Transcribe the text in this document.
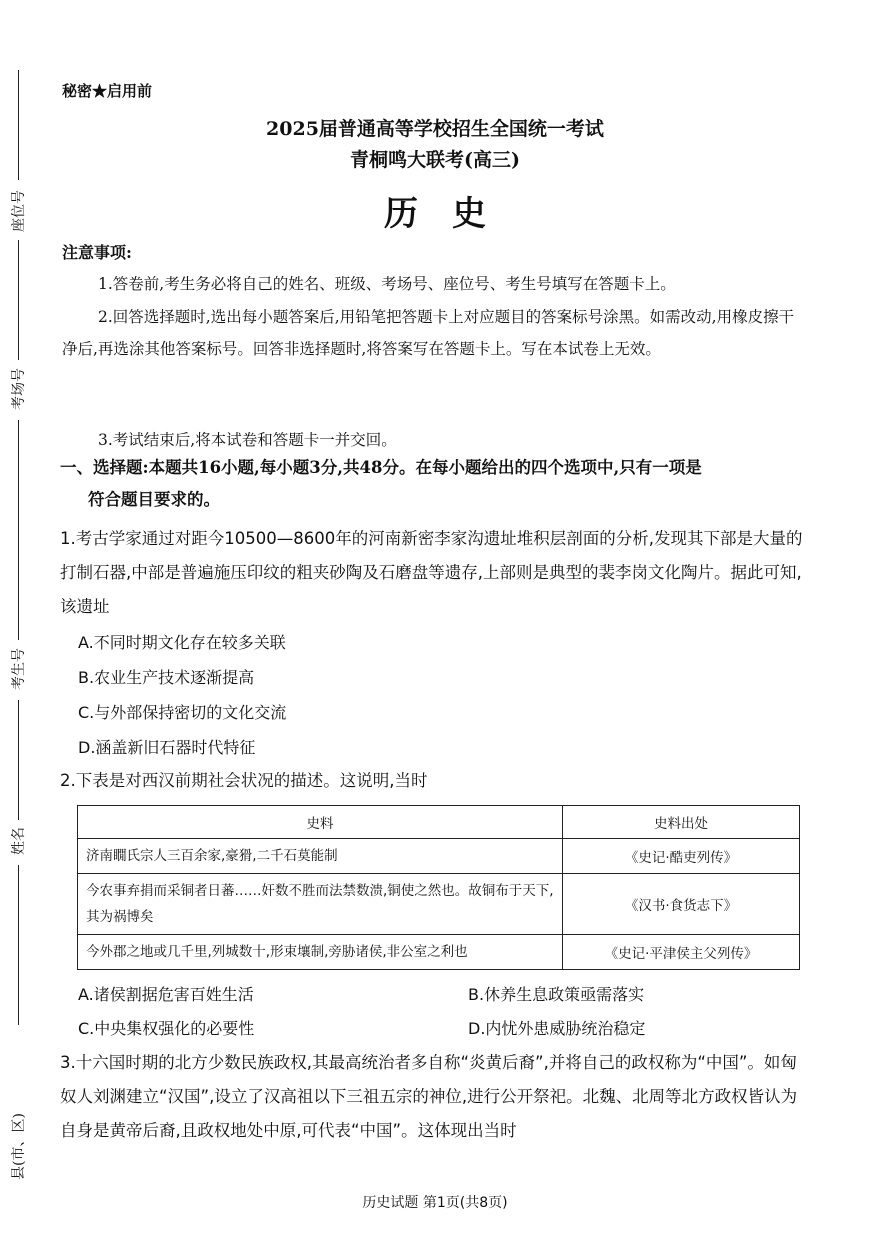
座位号
考场号
考生号
姓名
县(市、区)
秘密★启用前
2025届普通高等学校招生全国统一考试
青桐鸣大联考(高三)
历史
注意事项:
1.答卷前,考生务必将自己的姓名、班级、考场号、座位号、考生号填写在答题卡上。
2.回答选择题时,选出每小题答案后,用铅笔把答题卡上对应题目的答案标号涂黑。如需改动,用橡皮擦干净后,再选涂其他答案标号。回答非选择题时,将答案写在答题卡上。写在本试卷上无效。
3.考试结束后,将本试卷和答题卡一并交回。
一、选择题:本题共16小题,每小题3分,共48分。在每小题给出的四个选项中,只有一项是
符合题目要求的。
1.考古学家通过对距今10500—8600年的河南新密李家沟遗址堆积层剖面的分析,发现其下部是大量的打制石器,中部是普遍施压印纹的粗夹砂陶及石磨盘等遗存,上部则是典型的裴李岗文化陶片。据此可知,该遗址
A.不同时期文化存在较多关联
B.农业生产技术逐渐提高
C.与外部保持密切的文化交流
D.涵盖新旧石器时代特征
2.下表是对西汉前期社会状况的描述。这说明,当时
史料	史料出处
济南瞯氏宗人三百余家,豪猾,二千石莫能制	《史记·酷吏列传》
今农事弃捐而采铜者日蕃……奸数不胜而法禁数溃,铜使之然也。故铜布于天下,其为祸博矣	《汉书·食货志下》
今外郡之地或几千里,列城数十,形束壤制,旁胁诸侯,非公室之利也	《史记·平津侯主父列传》
A.诸侯割据危害百姓生活	B.休养生息政策亟需落实
C.中央集权强化的必要性	D.内忧外患威胁统治稳定
3.十六国时期的北方少数民族政权,其最高统治者多自称“炎黄后裔”,并将自己的政权称为“中国”。如匈奴人刘渊建立“汉国”,设立了汉高祖以下三祖五宗的神位,进行公开祭祀。北魏、北周等北方政权皆认为自身是黄帝后裔,且政权地处中原,可代表“中国”。这体现出当时
历史试题 第1页(共8页)
